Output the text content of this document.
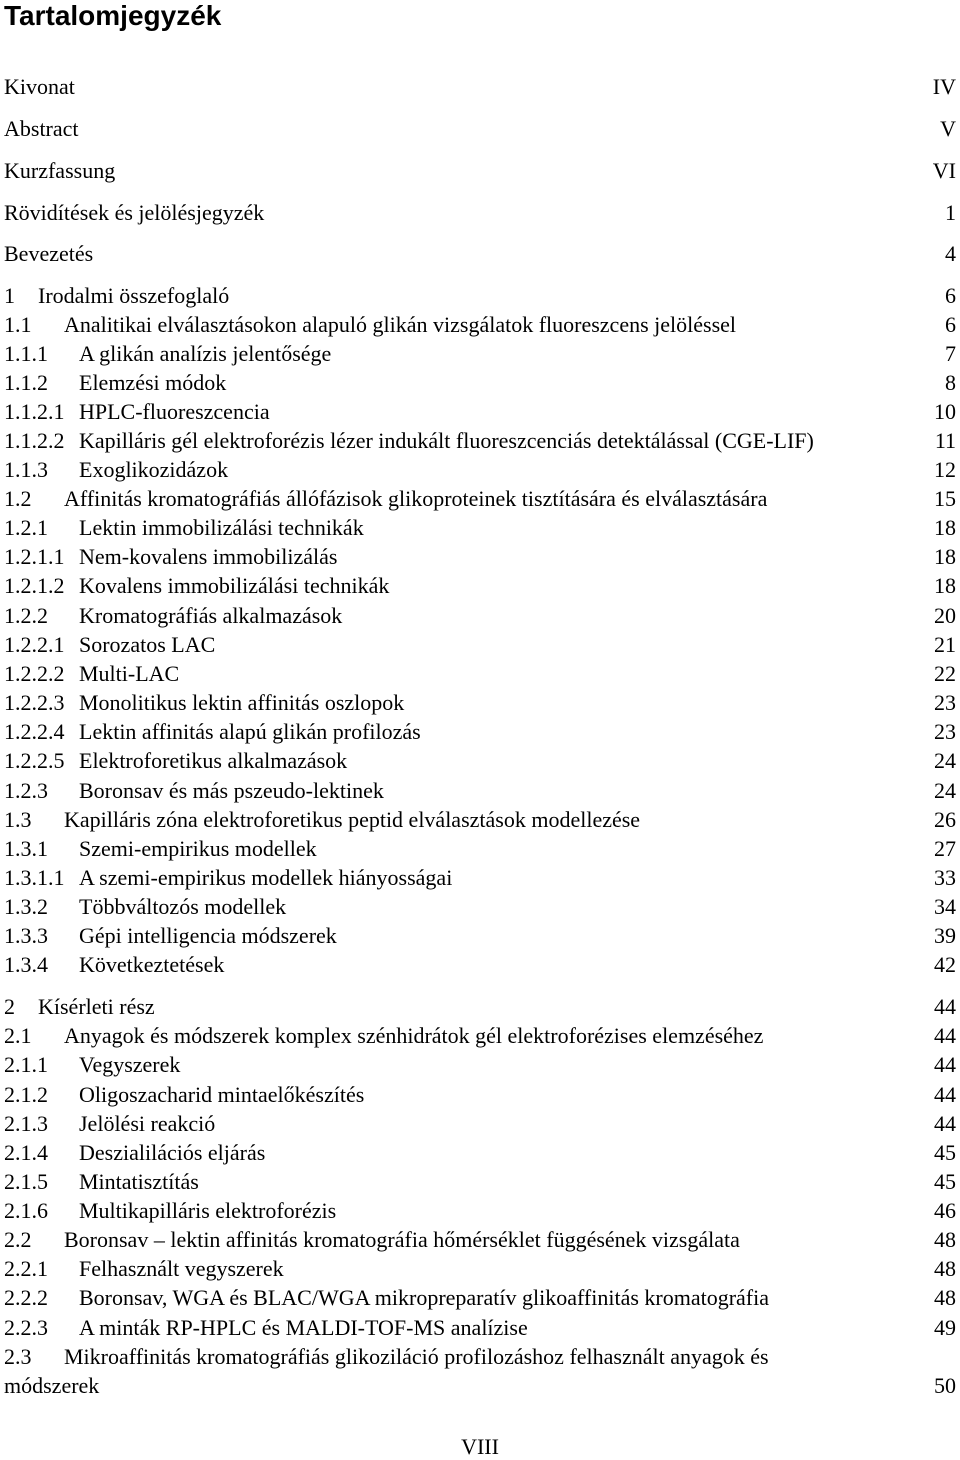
Tartalomjegyzék
Kivonat	IV
Abstract	V
Kurzfassung	VI
Rövidítések és jelölésjegyzék	1
Bevezetés	4
1 Irodalmi összefoglaló	6
1.1 Analitikai elválasztásokon alapuló glikán vizsgálatok fluoreszcens jelöléssel	6
1.1.1 A glikán analízis jelentősége	7
1.1.2 Elemzési módok	8
1.1.2.1 HPLC-fluoreszcencia	10
1.1.2.2 Kapilláris gél elektroforézis lézer indukált fluoreszcenciás detektálással (CGE-LIF)	11
1.1.3 Exoglikozidázok	12
1.2 Affinitás kromatográfiás állófázisok glikoproteinek tisztítására és elválasztására	15
1.2.1 Lektin immobilizálási technikák	18
1.2.1.1 Nem-kovalens immobilizálás	18
1.2.1.2 Kovalens immobilizálási technikák	18
1.2.2 Kromatográfiás alkalmazások	20
1.2.2.1 Sorozatos LAC	21
1.2.2.2 Multi-LAC	22
1.2.2.3 Monolitikus lektin affinitás oszlopok	23
1.2.2.4 Lektin affinitás alapú glikán profilozás	23
1.2.2.5 Elektroforetikus alkalmazások	24
1.2.3 Boronsav és más pszeudo-lektinek	24
1.3 Kapilláris zóna elektroforetikus peptid elválasztások modellezése	26
1.3.1 Szemi-empirikus modellek	27
1.3.1.1 A szemi-empirikus modellek hiányosságai	33
1.3.2 Többváltozós modellek	34
1.3.3 Gépi intelligencia módszerek	39
1.3.4 Következtetések	42
2 Kísérleti rész	44
2.1 Anyagok és módszerek komplex szénhidrátok gél elektroforézises elemzéséhez	44
2.1.1 Vegyszerek	44
2.1.2 Oligoszacharid mintaelőkészítés	44
2.1.3 Jelölési reakció	44
2.1.4 Deszialilációs eljárás	45
2.1.5 Mintatisztítás	45
2.1.6 Multikapilláris elektroforézis	46
2.2 Boronsav – lektin affinitás kromatográfia hőmérséklet függésének vizsgálata	48
2.2.1 Felhasznált vegyszerek	48
2.2.2 Boronsav, WGA és BLAC/WGA mikropreparatív glikoaffinitás kromatográfia	48
2.2.3 A minták RP-HPLC és MALDI-TOF-MS analízise	49
2.3 Mikroaffinitás kromatográfiás glikoziláció profilozáshoz felhasznált anyagok és
módszerek	50
VIII
